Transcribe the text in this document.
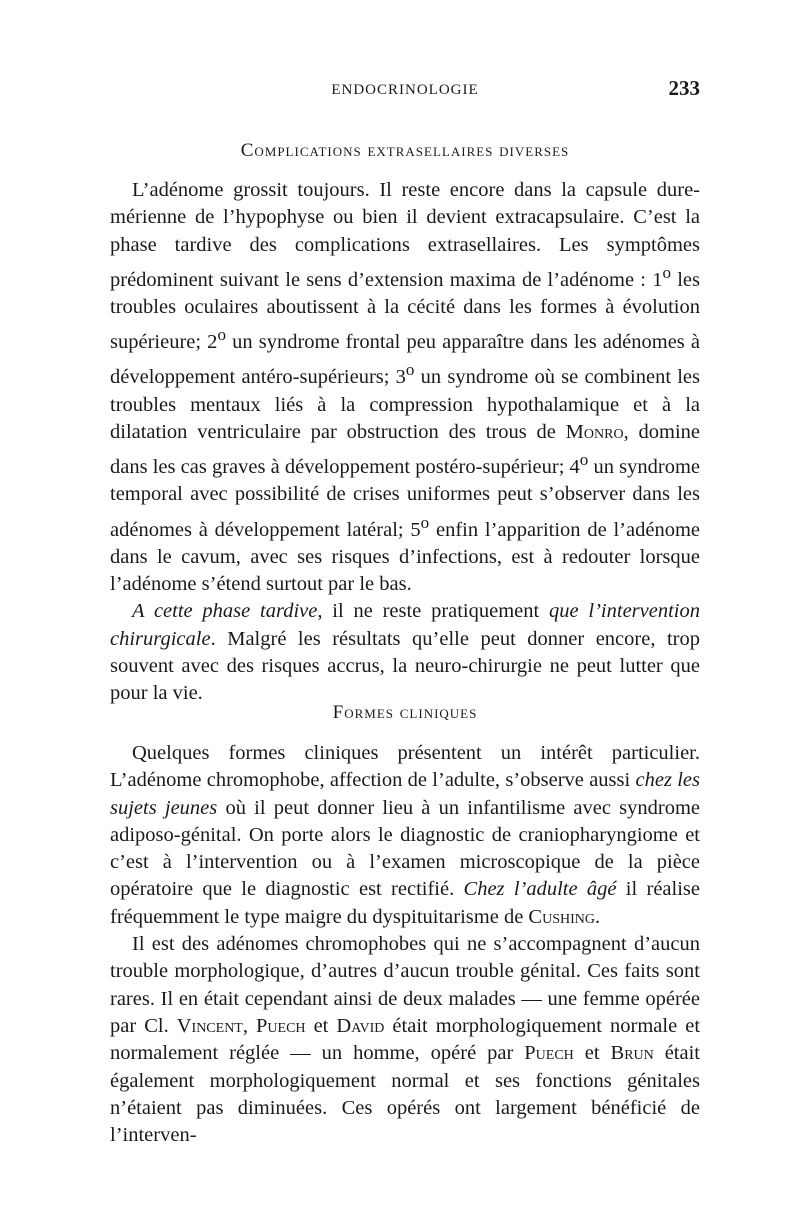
ENDOCRINOLOGIE	233
Complications extrasellaires diverses

L’adénome grossit toujours. Il reste encore dans la capsule dure-mérienne de l’hypophyse ou bien il devient extracapsulaire. C’est la phase tardive des complications extrasellaires. Les symptômes prédominent suivant le sens d’extension maxima de l’adénome : 1$^o$ les troubles oculaires aboutissent à la cécité dans les formes à évolution supérieure; 2$^o$ un syndrome frontal peu apparaître dans les adénomes à développement antéro-supérieurs; 3$^o$ un syndrome où se combinent les troubles mentaux liés à la compression hypothalamique et à la dilatation ventriculaire par obstruction des trous de Monro, domine dans les cas graves à développement postéro-supérieur; 4$^o$ un syndrome temporal avec possibilité de crises uniformes peut s’observer dans les adénomes à développement latéral; 5$^o$ enfin l’apparition de l’adénome dans le cavum, avec ses risques d’infections, est à redouter lorsque l’adénome s’étend surtout par le bas.

A cette phase tardive, il ne reste pratiquement que l’intervention chirurgicale. Malgré les résultats qu’elle peut donner encore, trop souvent avec des risques accrus, la neuro-chirurgie ne peut lutter que pour la vie.

Formes cliniques

Quelques formes cliniques présentent un intérêt particulier. L’adénome chromophobe, affection de l’adulte, s’observe aussi chez les sujets jeunes où il peut donner lieu à un infantilisme avec syndrome adiposo-génital. On porte alors le diagnostic de craniopharyngiome et c’est à l’intervention ou à l’examen microscopique de la pièce opératoire que le diagnostic est rectifié. Chez l’adulte âgé il réalise fréquemment le type maigre du dyspituitarisme de Cushing.

Il est des adénomes chromophobes qui ne s’accompagnent d’aucun trouble morphologique, d’autres d’aucun trouble génital. Ces faits sont rares. Il en était cependant ainsi de deux malades — une femme opérée par Cl. Vincent, Puech et David était morphologiquement normale et normalement réglée — un homme, opéré par Puech et Brun était également morphologiquement normal et ses fonctions génitales n’étaient pas diminuées. Ces opérés ont largement bénéficié de l’interven-
